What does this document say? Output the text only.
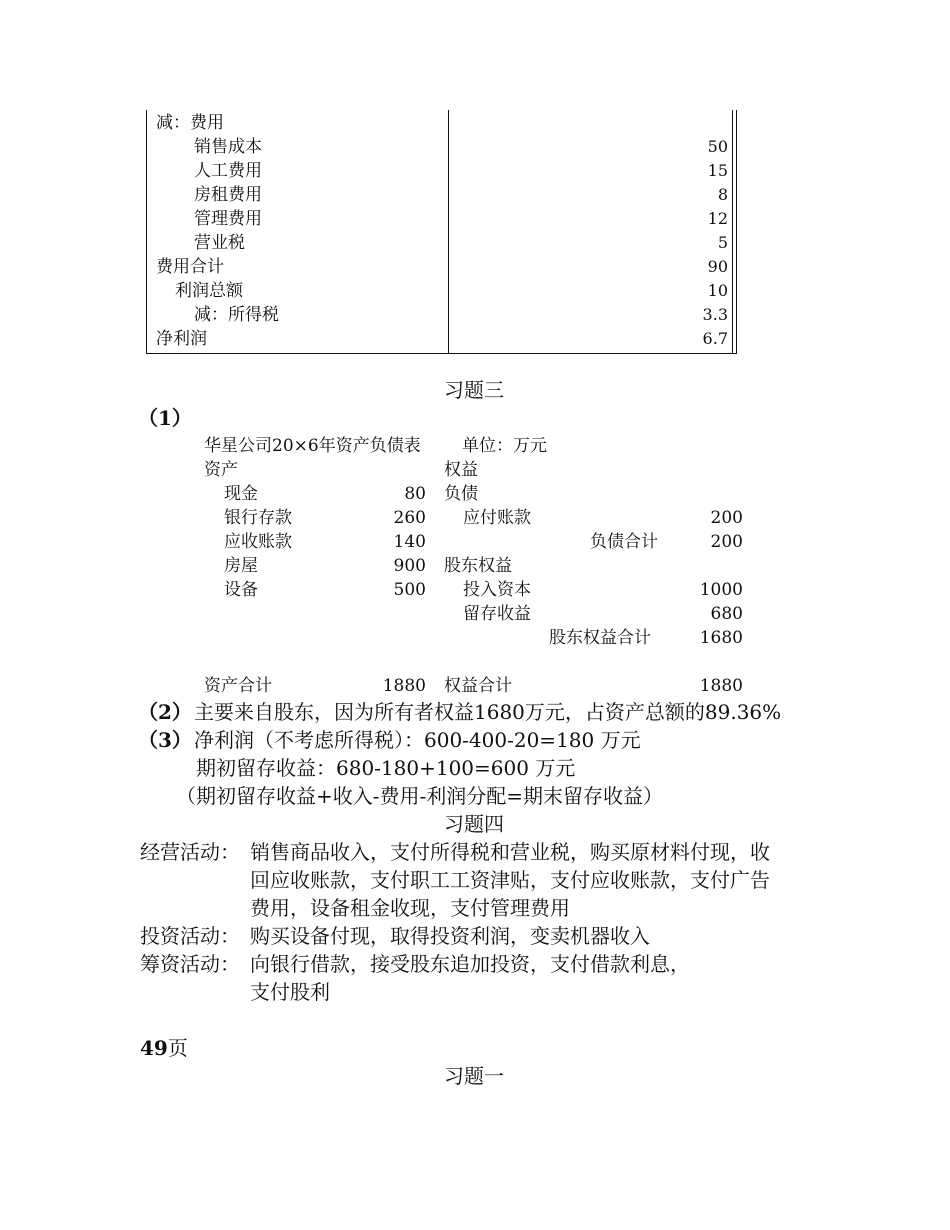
减：费用
销售成本	50
人工费用	15
房租费用	8
管理费用	12
营业税	5
费用合计	90
利润总额	10
减：所得税	3.3
净利润	6.7
习题三
（1）
华星公司20×6年资产负债表 单位：万元
资产	权益
现金	80 负债
银行存款	260 应付账款	200
应收账款	140	负债合计	200
房屋	900 股东权益
设备	500 投入资本	1000
留存收益	680
股东权益合计	1680
资产合计	1880 权益合计	1880
（2） 主要来自股东，因为所有者权益1680万元，占资产总额的89.36%
（3） 净利润（不考虑所得税）：600-400-20=180 万元
期初留存收益：680-180+100=600 万元
（期初留存收益+收入-费用-利润分配=期末留存收益）
习题四
经营活动： 销售商品收入，支付所得税和营业税，购买原材料付现，收
回应收账款，支付职工工资津贴，支付应收账款，支付广告
费用，设备租金收现，支付管理费用
投资活动： 购买设备付现，取得投资利润，变卖机器收入
筹资活动： 向银行借款，接受股东追加投资，支付借款利息，
支付股利
49页
习题一
